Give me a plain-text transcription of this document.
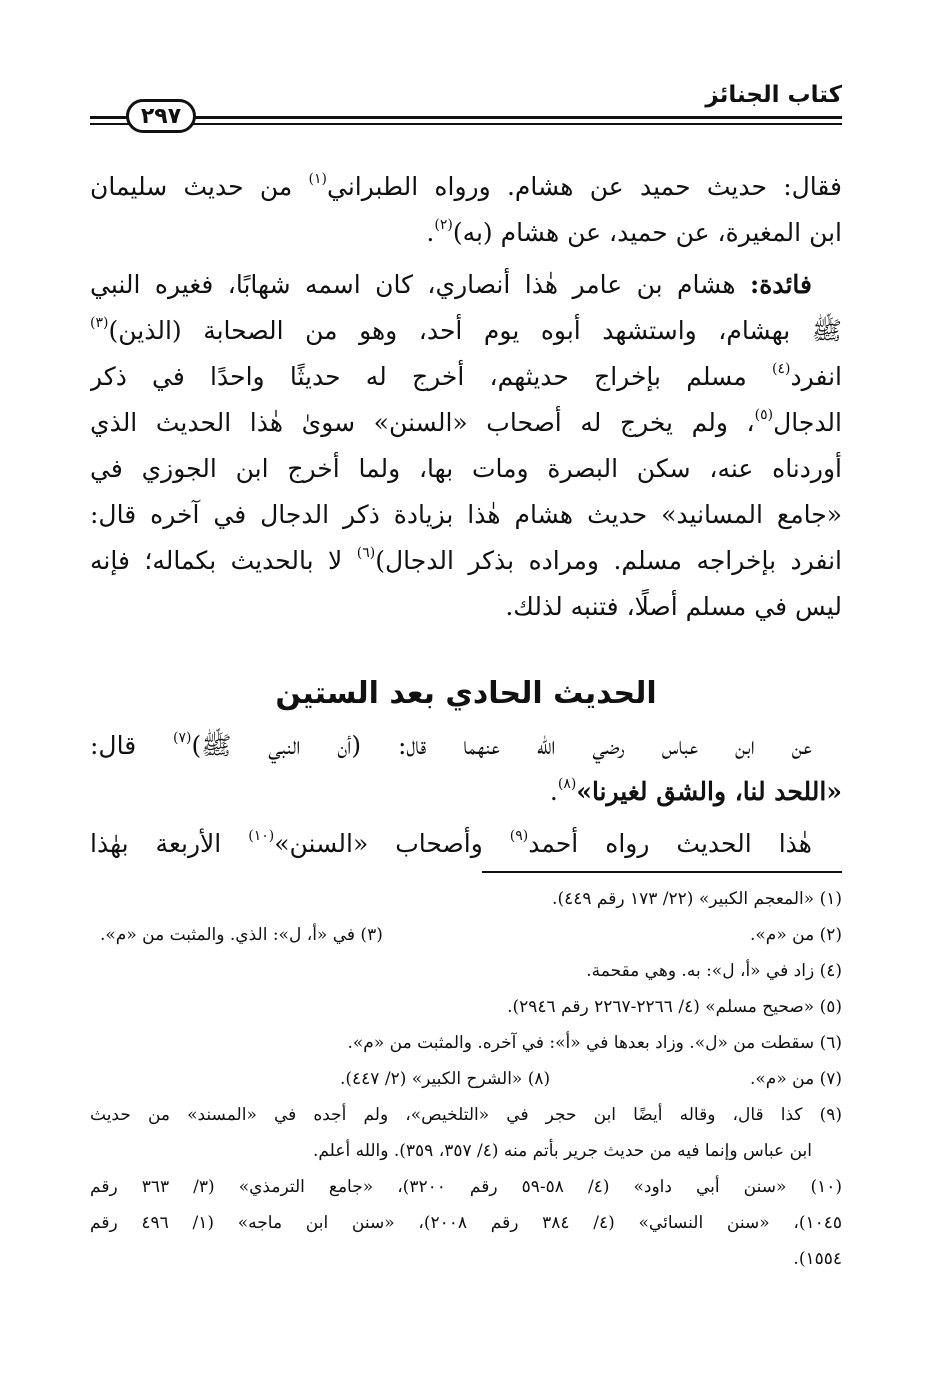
كتاب الجنائز
٢٩٧
فقال: حديث حميد عن هشام. ورواه الطبراني$^{(١)}$ من حديث سليمان
ابن المغيرة، عن حميد، عن هشام (به)$^{(٢)}$.
فائدة: هشام بن عامر هٰذا أنصاري، كان اسمه شهابًا، فغيره النبي
ﷺ بهشام، واستشهد أبوه يوم أحد، وهو من الصحابة (الذين)$^{(٣)}$
انفرد$^{(٤)}$ مسلم بإخراج حديثهم، أخرج له حديثًا واحدًا في ذكر
الدجال$^{(٥)}$، ولم يخرج له أصحاب «السنن» سوىٰ هٰذا الحديث الذي
أوردناه عنه، سكن البصرة ومات بها، ولما أخرج ابن الجوزي في
«جامع المسانيد» حديث هشام هٰذا بزيادة ذكر الدجال في آخره قال:
انفرد بإخراجه مسلم. ومراده بذكر الدجال)$^{(٦)}$ لا بالحديث بكماله؛ فإنه
ليس في مسلم أصلًا، فتنبه لذلك.
الحديث الحادي بعد الستين
عن ابن عباس رضي الله عنهما قال: (أن النبي ﷺ)$^{(٧)}$ قال:
«اللحد لنا، والشق لغيرنا»$^{(٨)}$.
هٰذا الحديث رواه أحمد$^{(٩)}$ وأصحاب «السنن»$^{(١٠)}$ الأربعة بهٰذا
(١) «المعجم الكبير» (٢٢/ ١٧٣ رقم ٤٤٩).
(٢) من «م».
(٣) في «أ، ل»: الذي. والمثبت من «م».
(٤) زاد في «أ، ل»: به. وهي مقحمة.
(٥) «صحيح مسلم» (٤/ ٢٢٦٦-٢٢٦٧ رقم ٢٩٤٦).
(٦) سقطت من «ل». وزاد بعدها في «أ»: في آخره. والمثبت من «م».
(٧) من «م».
(٨) «الشرح الكبير» (٢/ ٤٤٧).
(٩) كذا قال، وقاله أيضًا ابن حجر في «التلخيص»، ولم أجده في «المسند» من حديث
ابن عباس وإنما فيه من حديث جرير بأتم منه (٤/ ٣٥٧، ٣٥٩). والله أعلم.
(١٠) «سنن أبي داود» (٤/ ٥٨-٥٩ رقم ٣٢٠٠)، «جامع الترمذي» (٣/ ٣٦٣ رقم
١٠٤٥)، «سنن النسائي» (٤/ ٣٨٤ رقم ٢٠٠٨)، «سنن ابن ماجه» (١/ ٤٩٦ رقم
١٥٥٤).
